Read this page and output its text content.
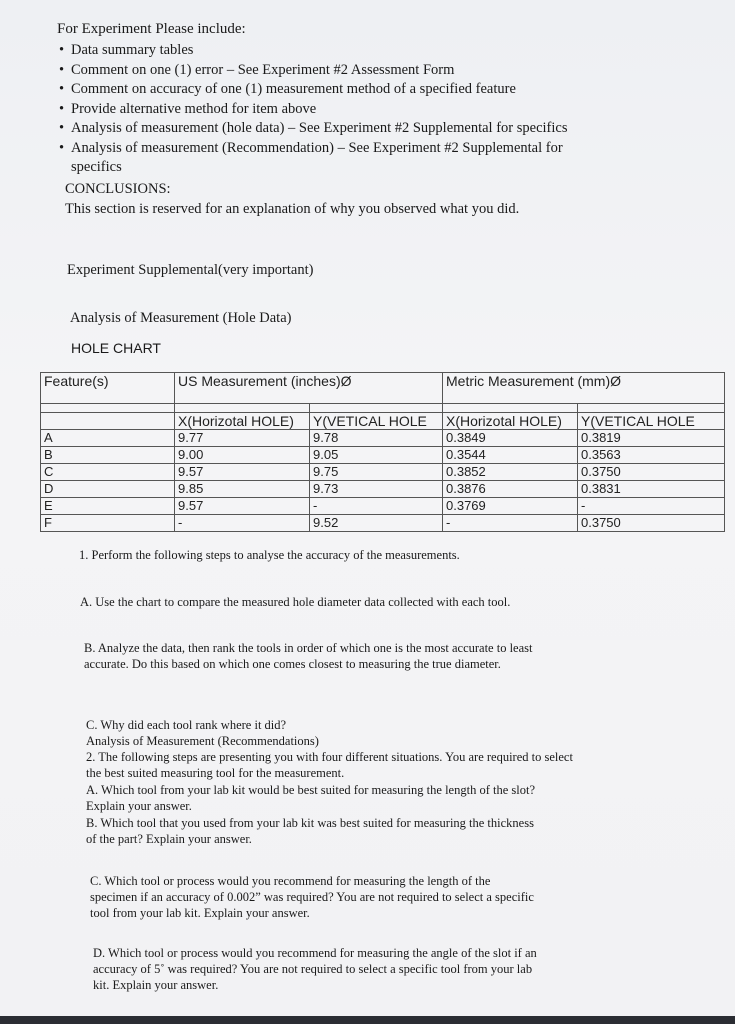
For Experiment Please include:
• Data summary tables
• Comment on one (1) error – See Experiment #2 Assessment Form
• Comment on accuracy of one (1) measurement method of a specified feature
• Provide alternative method for item above
• Analysis of measurement (hole data) – See Experiment #2 Supplemental for specifics
• Analysis of measurement (Recommendation) – See Experiment #2 Supplemental for specifics
CONCLUSIONS:
This section is reserved for an explanation of why you observed what you did.
Experiment Supplemental(very important)
Analysis of Measurement (Hole Data)
HOLE CHART
Feature(s)	US Measurement (inches)Ø		Metric Measurement (mm)Ø	

	X(Horizotal HOLE)	Y(VETICAL HOLE	X(Horizotal HOLE)	Y(VETICAL HOLE
A	9.77	9.78	0.3849	0.3819
B	9.00	9.05	0.3544	0.3563
C	9.57	9.75	0.3852	0.3750
D	9.85	9.73	0.3876	0.3831
E	9.57	-	0.3769	-
F	-	9.52	-	0.3750
1. Perform the following steps to analyse the accuracy of the measurements.
A. Use the chart to compare the measured hole diameter data collected with each tool.
B. Analyze the data, then rank the tools in order of which one is the most accurate to least accurate. Do this based on which one comes closest to measuring the true diameter.
C. Why did each tool rank where it did?
Analysis of Measurement (Recommendations)
2. The following steps are presenting you with four different situations. You are required to select the best suited measuring tool for the measurement.
A. Which tool from your lab kit would be best suited for measuring the length of the slot? Explain your answer.
B. Which tool that you used from your lab kit was best suited for measuring the thickness of the part? Explain your answer.
C. Which tool or process would you recommend for measuring the length of the specimen if an accuracy of 0.002” was required? You are not required to select a specific tool from your lab kit. Explain your answer.
D. Which tool or process would you recommend for measuring the angle of the slot if an accuracy of 5˚ was required? You are not required to select a specific tool from your lab kit. Explain your answer.
